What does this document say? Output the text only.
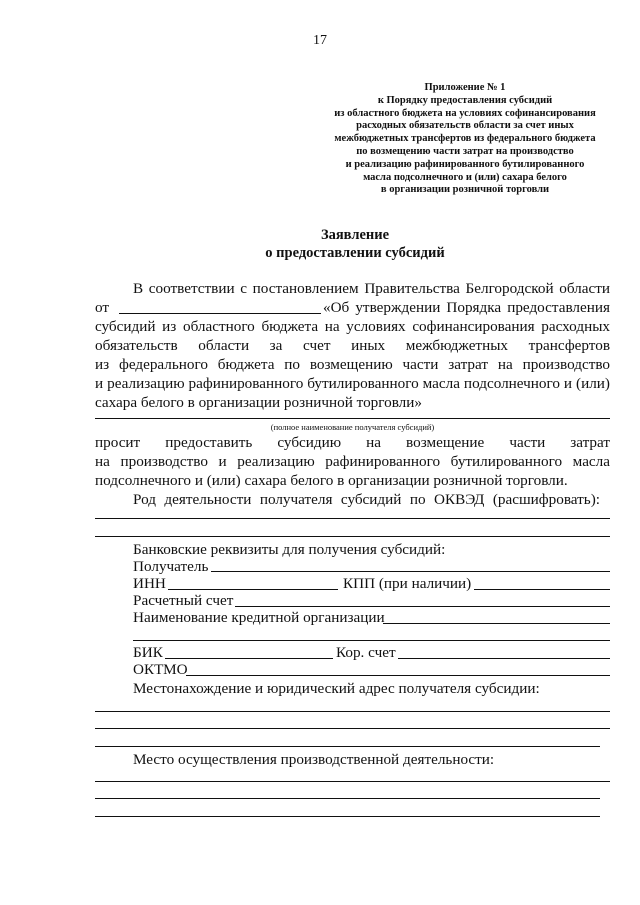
17
Приложение № 1
к Порядку предоставления субсидий
из областного бюджета на условиях софинансирования
расходных обязательств области за счет иных
межбюджетных трансфертов из федерального бюджета
по возмещению части затрат на производство
и реализацию рафинированного бутилированного
масла подсолнечного и (или) сахара белого
в организации розничной торговли
Заявление
о предоставлении субсидий
В соответствии с постановлением Правительства Белгородской области
от	«Об утверждении Порядка предоставления
субсидий из областного бюджета на условиях софинансирования расходных
обязательств области за счет иных межбюджетных трансфертов
из федерального бюджета по возмещению части затрат на производство
и реализацию рафинированного бутилированного масла подсолнечного и (или)
сахара белого в организации розничной торговли»
(полное наименование получателя субсидий)
просит предоставить субсидию на возмещение части затрат
на производство и реализацию рафинированного бутилированного масла
подсолнечного и (или) сахара белого в организации розничной торговли.
Род деятельности получателя субсидий по ОКВЭД (расшифровать):
Банковские реквизиты для получения субсидий:
Получатель
ИНН	КПП (при наличии)
Расчетный счет
Наименование кредитной организации
БИК	Кор. счет
ОКТМО
Местонахождение и юридический адрес получателя субсидии:
Место осуществления производственной деятельности:
